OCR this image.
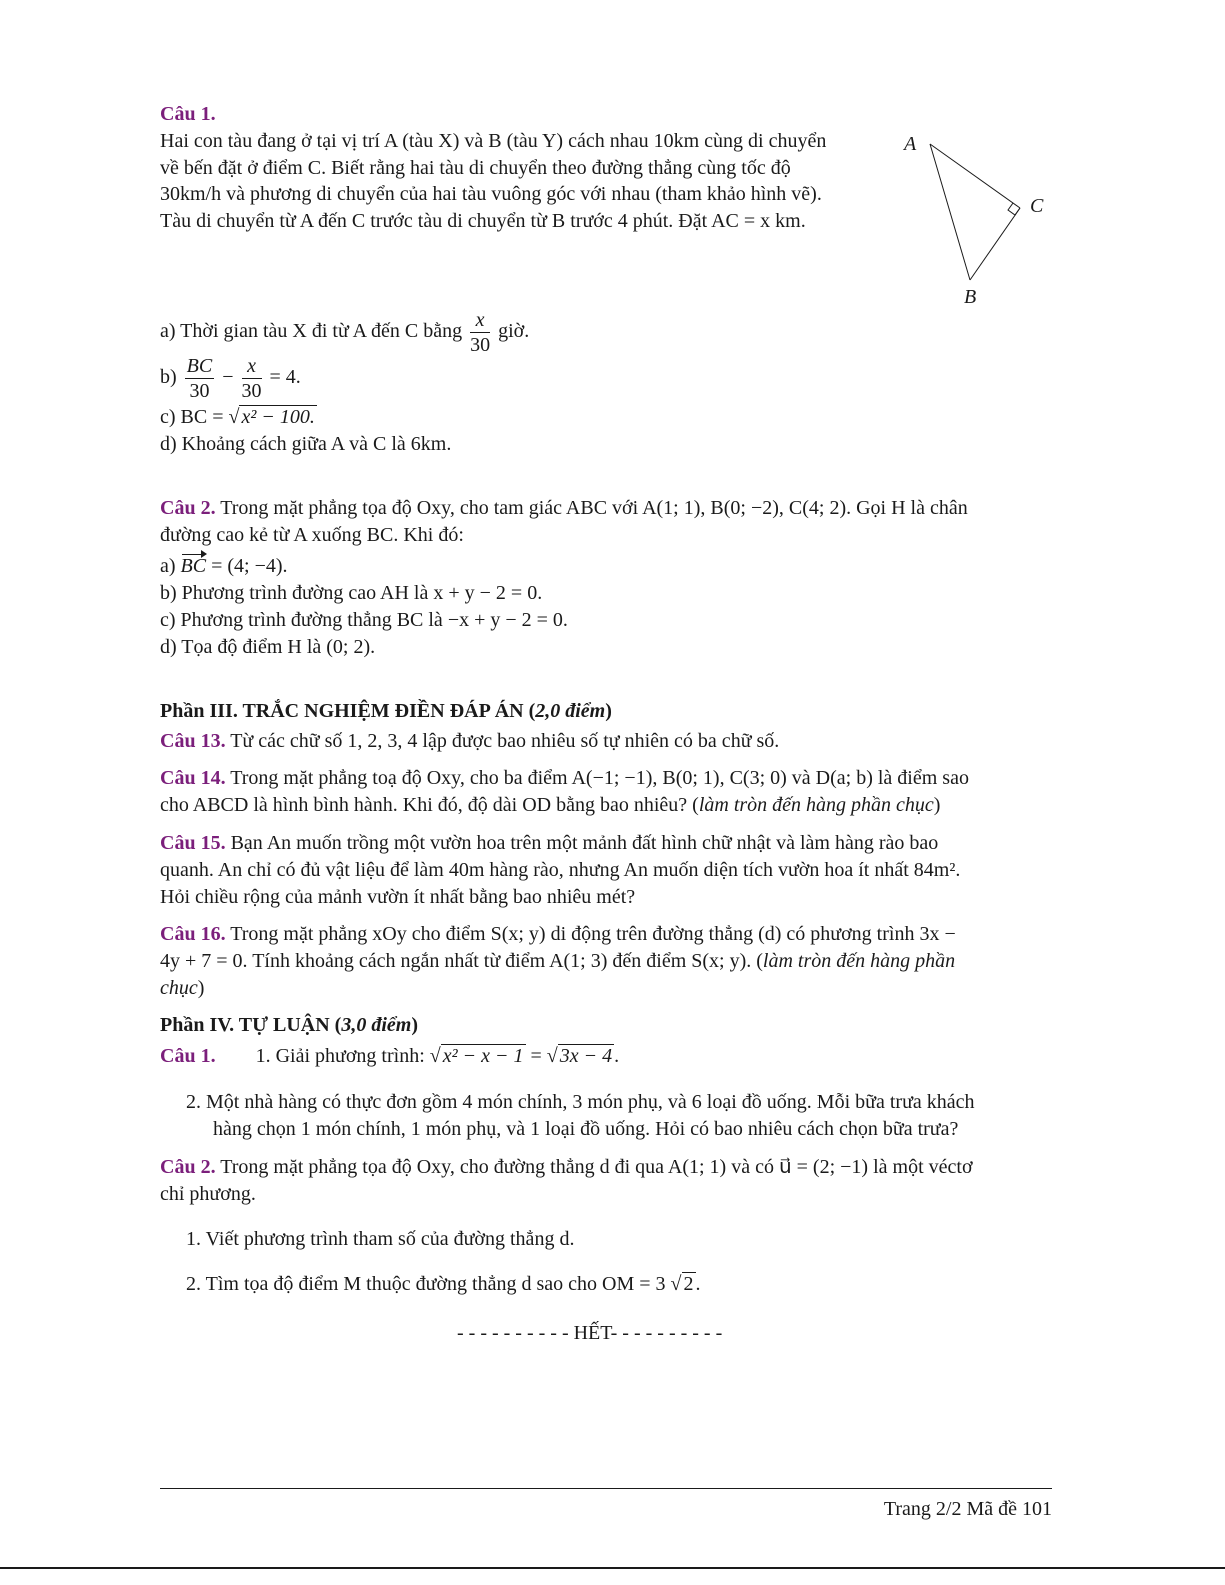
Câu 1.
Hai con tàu đang ở tại vị trí A (tàu X) và B (tàu Y) cách nhau 10km cùng di chuyển
về bến đặt ở điểm C. Biết rằng hai tàu di chuyển theo đường thẳng cùng tốc độ
30km/h và phương di chuyển của hai tàu vuông góc với nhau (tham khảo hình vẽ).
Tàu di chuyển từ A đến C trước tàu di chuyển từ B trước 4 phút. Đặt AC = x km.
A
C
B
a) Thời gian tàu X đi từ A đến C bằng $\frac{x}{30}$ giờ.
$b) \frac{BC}{30} - \frac{x}{30} = 4$.
c) BC = √ x² − 100.
d) Khoảng cách giữa A và C là 6km.
Câu 2. Trong mặt phẳng tọa độ Oxy, cho tam giác ABC với A(1; 1), B(0; −2), C(4; 2). Gọi H là chân
đường cao kẻ từ A xuống BC. Khi đó:
a) BC = (4; −4).
b) Phương trình đường cao AH là x + y − 2 = 0.
c) Phương trình đường thẳng BC là −x + y − 2 = 0.
d) Tọa độ điểm H là (0; 2).
Phần III. TRẮC NGHIỆM ĐIỀN ĐÁP ÁN (2,0 điểm)
Câu 13. Từ các chữ số 1, 2, 3, 4 lập được bao nhiêu số tự nhiên có ba chữ số.
Câu 14. Trong mặt phẳng toạ độ Oxy, cho ba điểm A(−1; −1), B(0; 1), C(3; 0) và D(a; b) là điểm sao
cho ABCD là hình bình hành. Khi đó, độ dài OD bằng bao nhiêu? (làm tròn đến hàng phần chục)
Câu 15. Bạn An muốn trồng một vườn hoa trên một mảnh đất hình chữ nhật và làm hàng rào bao
quanh. An chỉ có đủ vật liệu để làm 40m hàng rào, nhưng An muốn diện tích vườn hoa ít nhất 84m².
Hỏi chiều rộng của mảnh vườn ít nhất bằng bao nhiêu mét?
Câu 16. Trong mặt phẳng xOy cho điểm S(x; y) di động trên đường thẳng (d) có phương trình 3x −
4y + 7 = 0. Tính khoảng cách ngắn nhất từ điểm A(1; 3) đến điểm S(x; y). (làm tròn đến hàng phần
chục)
Phần IV. TỰ LUẬN (3,0 điểm)
Câu 1. 1. Giải phương trình: √ x² − x − 1 = √ 3x − 4 .
2. Một nhà hàng có thực đơn gồm 4 món chính, 3 món phụ, và 6 loại đồ uống. Mỗi bữa trưa khách
hàng chọn 1 món chính, 1 món phụ, và 1 loại đồ uống. Hỏi có bao nhiêu cách chọn bữa trưa?
Câu 2. Trong mặt phẳng tọa độ Oxy, cho đường thẳng d đi qua A(1; 1) và có u⃗ = (2; −1) là một véctơ
chỉ phương.
1. Viết phương trình tham số của đường thẳng d.
2. Tìm tọa độ điểm M thuộc đường thẳng d sao cho OM = 3 √ 2 .
- - - - - - - - - - HẾT- - - - - - - - - -
Trang 2/2 Mã đề 101
